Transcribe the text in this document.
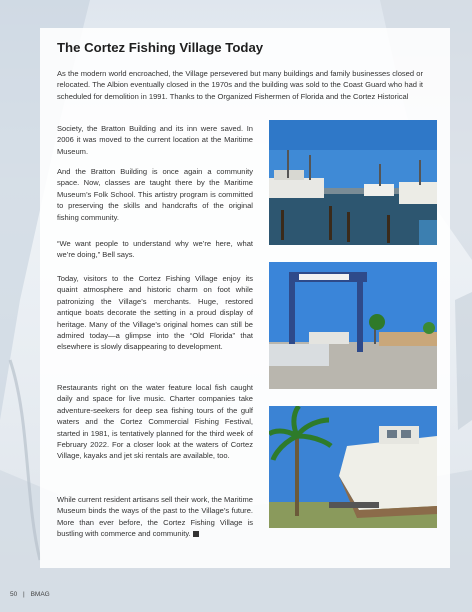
The Cortez Fishing Village Today

As the modern world encroached, the Village persevered but many buildings and family businesses closed or relocated. The Albion eventually closed in the 1970s and the building was sold to the Coast Guard who had it scheduled for demolition in 1991. Thanks to the Organized Fishermen of Florida and the Cortez Historical

Society, the Bratton Building and its inn were saved. In 2006 it was moved to the current location at the Maritime Museum.

And the Bratton Building is once again a community space. Now, classes are taught there by the Maritime Museum’s Folk School. This artistry program is committed to preserving the skills and handcrafts of the original fishing community.

“We want people to understand why we’re here, what we’re doing,” Bell says.

Today, visitors to the Cortez Fishing Village enjoy its quaint atmosphere and historic charm on foot while patronizing the Village’s merchants. Huge, restored antique boats decorate the setting in a proud display of heritage. Many of the Village’s original homes can still be admired today—a glimpse into the “Old Florida” that elsewhere is slowly disappearing to development.

Restaurants right on the water feature local fish caught daily and space for live music. Charter companies take adventure-seekers for deep sea fishing tours of the gulf waters and the Cortez Commercial Fishing Festival, started in 1981, is tentatively planned for the third week of February 2022. For a closer look at the waters of Cortez Village, kayaks and jet ski rentals are available, too.

While current resident artisans sell their work, the Maritime Museum binds the ways of the past to the Village’s future. More than ever before, the Cortez Fishing Village is bustling with commerce and community.

50 | BMAG
